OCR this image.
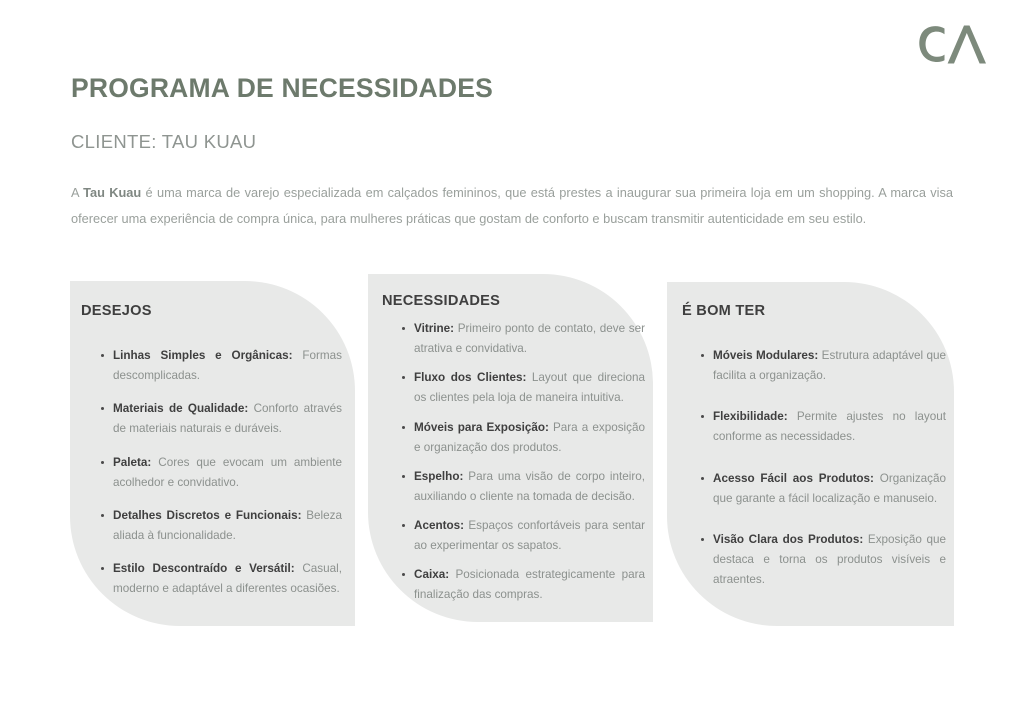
PROGRAMA DE NECESSIDADES
CLIENTE: TAU KUAU

A Tau Kuau é uma marca de varejo especializada em calçados femininos, que está prestes a inaugurar sua primeira loja em um shopping. A marca visa oferecer uma experiência de compra única, para mulheres práticas que gostam de conforto e buscam transmitir autenticidade em seu estilo.

DESEJOS
Linhas Simples e Orgânicas: Formas descomplicadas.
Materiais de Qualidade: Conforto através de materiais naturais e duráveis.
Paleta: Cores que evocam um ambiente acolhedor e convidativo.
Detalhes Discretos e Funcionais: Beleza aliada à funcionalidade.
Estilo Descontraído e Versátil: Casual, moderno e adaptável a diferentes ocasiões.
NECESSIDADES
Vitrine: Primeiro ponto de contato, deve ser atrativa e convidativa.
Fluxo dos Clientes: Layout que direciona os clientes pela loja de maneira intuitiva.
Móveis para Exposição: Para a exposição e organização dos produtos.
Espelho: Para uma visão de corpo inteiro, auxiliando o cliente na tomada de decisão.
Acentos: Espaços confortáveis para sentar ao experimentar os sapatos.
Caixa: Posicionada estrategicamente para finalização das compras.
É BOM TER
Móveis Modulares: Estrutura adaptável que facilita a organização.
Flexibilidade: Permite ajustes no layout conforme as necessidades.
Acesso Fácil aos Produtos: Organização que garante a fácil localização e manuseio.
Visão Clara dos Produtos: Exposição que destaca e torna os produtos visíveis e atraentes.
